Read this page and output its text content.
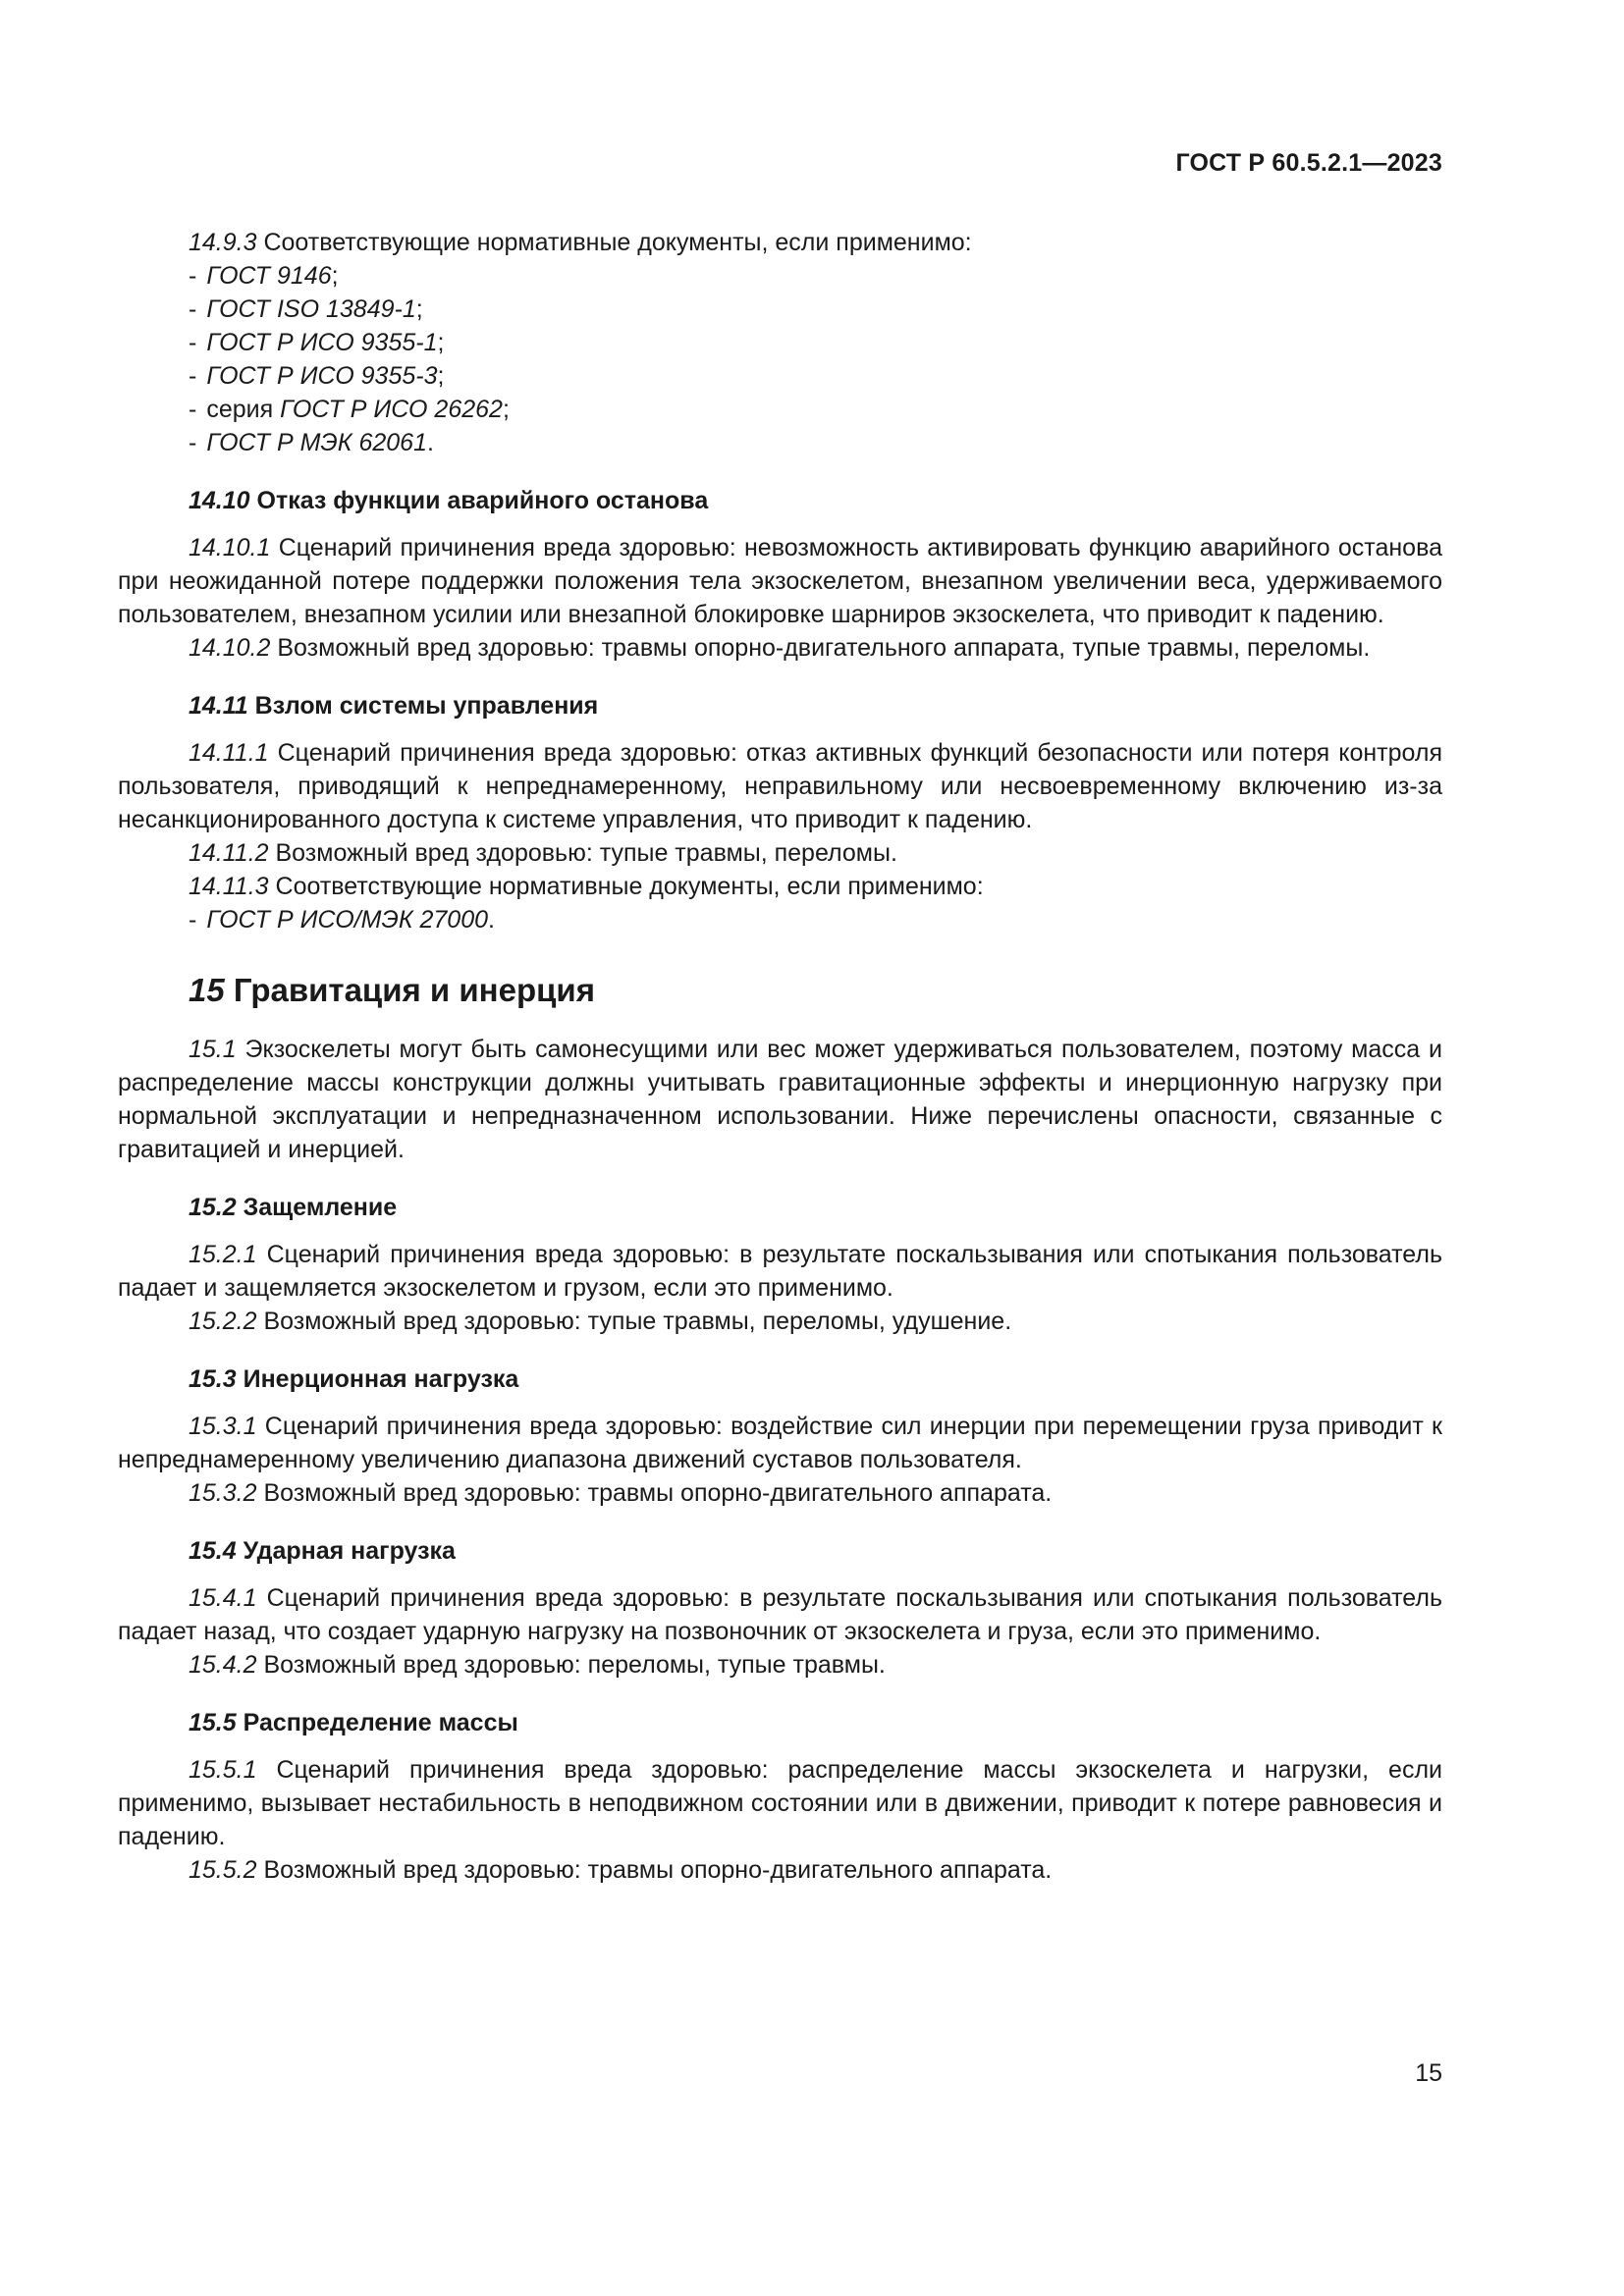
ГОСТ Р 60.5.2.1—2023

14.9.3 Соответствующие нормативные документы, если применимо:

- ГОСТ 9146;
- ГОСТ ISO 13849-1;
- ГОСТ Р ИСО 9355-1;
- ГОСТ Р ИСО 9355-3;
- серия ГОСТ Р ИСО 26262;
- ГОСТ Р МЭК 62061.
14.10 Отказ функции аварийного останова

14.10.1 Сценарий причинения вреда здоровью: невозможность активировать функцию аварийного останова при неожиданной потере поддержки положения тела экзоскелетом, внезапном увеличении веса, удерживаемого пользователем, внезапном усилии или внезапной блокировке шарниров экзоскелета, что приводит к падению.

14.10.2 Возможный вред здоровью: травмы опорно-двигательного аппарата, тупые травмы, переломы.

14.11 Взлом системы управления

14.11.1 Сценарий причинения вреда здоровью: отказ активных функций безопасности или потеря контроля пользователя, приводящий к непреднамеренному, неправильному или несвоевременному включению из-за несанкционированного доступа к системе управления, что приводит к падению.

14.11.2 Возможный вред здоровью: тупые травмы, переломы.

14.11.3 Соответствующие нормативные документы, если применимо:

- ГОСТ Р ИСО/МЭК 27000.
15 Гравитация и инерция

15.1 Экзоскелеты могут быть самонесущими или вес может удерживаться пользователем, поэтому масса и распределение массы конструкции должны учитывать гравитационные эффекты и инерционную нагрузку при нормальной эксплуатации и непредназначенном использовании. Ниже перечислены опасности, связанные с гравитацией и инерцией.

15.2 Защемление

15.2.1 Сценарий причинения вреда здоровью: в результате поскальзывания или спотыкания пользователь падает и защемляется экзоскелетом и грузом, если это применимо.

15.2.2 Возможный вред здоровью: тупые травмы, переломы, удушение.

15.3 Инерционная нагрузка

15.3.1 Сценарий причинения вреда здоровью: воздействие сил инерции при перемещении груза приводит к непреднамеренному увеличению диапазона движений суставов пользователя.

15.3.2 Возможный вред здоровью: травмы опорно-двигательного аппарата.

15.4 Ударная нагрузка

15.4.1 Сценарий причинения вреда здоровью: в результате поскальзывания или спотыкания пользователь падает назад, что создает ударную нагрузку на позвоночник от экзоскелета и груза, если это применимо.

15.4.2 Возможный вред здоровью: переломы, тупые травмы.

15.5 Распределение массы

15.5.1 Сценарий причинения вреда здоровью: распределение массы экзоскелета и нагрузки, если применимо, вызывает нестабильность в неподвижном состоянии или в движении, приводит к потере равновесия и падению.

15.5.2 Возможный вред здоровью: травмы опорно-двигательного аппарата.

15
